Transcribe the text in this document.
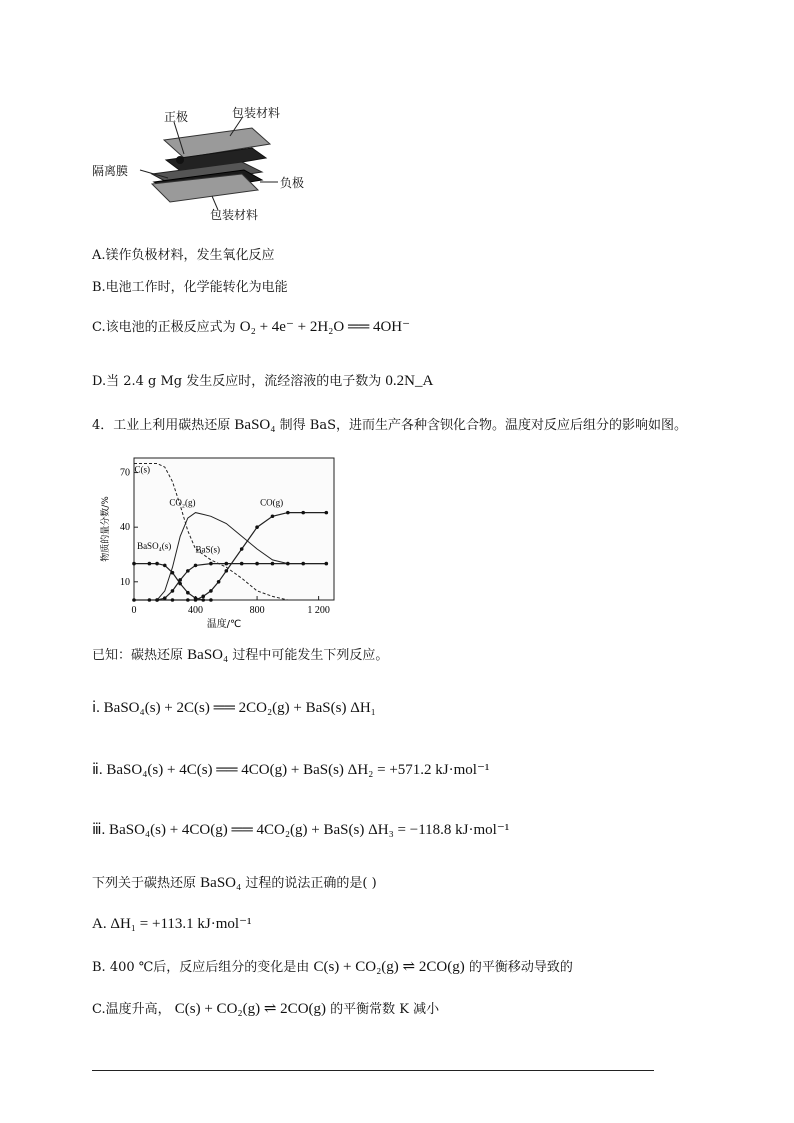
正极	包装材料
隔离膜
负极
包装材料
A.镁作负极材料，发生氧化反应
B.电池工作时，化学能转化为电能
C.该电池的正极反应式为 O₂ + 4e⁻ + 2H₂O ══ 4OH⁻
D.当 2.4 g Mg 发生反应时，流经溶液的电子数为 0.2N_A
4．工业上利用碳热还原 BaSO₄ 制得 BaS，进而生产各种含钡化合物。温度对反应后组分的影响如图。
0	400	800	1 200
10
40
70
温度/℃
物质的量分数/%
C(s)
CO₂(g)	CO(g)
BaSO₄(s)	BaS(s)
已知：碳热还原 BaSO₄ 过程中可能发生下列反应。
ⅰ. BaSO₄(s) + 2C(s) ══ 2CO₂(g) + BaS(s) ΔH₁
ⅱ. BaSO₄(s) + 4C(s) ══ 4CO(g) + BaS(s) ΔH₂ = +571.2 kJ·mol⁻¹
ⅲ. BaSO₄(s) + 4CO(g) ══ 4CO₂(g) + BaS(s) ΔH₃ = −118.8 kJ·mol⁻¹
下列关于碳热还原 BaSO₄ 过程的说法正确的是( )
A. ΔH₁ = +113.1 kJ·mol⁻¹
B. 400 ℃后，反应后组分的变化是由 C(s) + CO₂(g) ⇌ 2CO(g) 的平衡移动导致的
C.温度升高， C(s) + CO₂(g) ⇌ 2CO(g) 的平衡常数 K 减小
